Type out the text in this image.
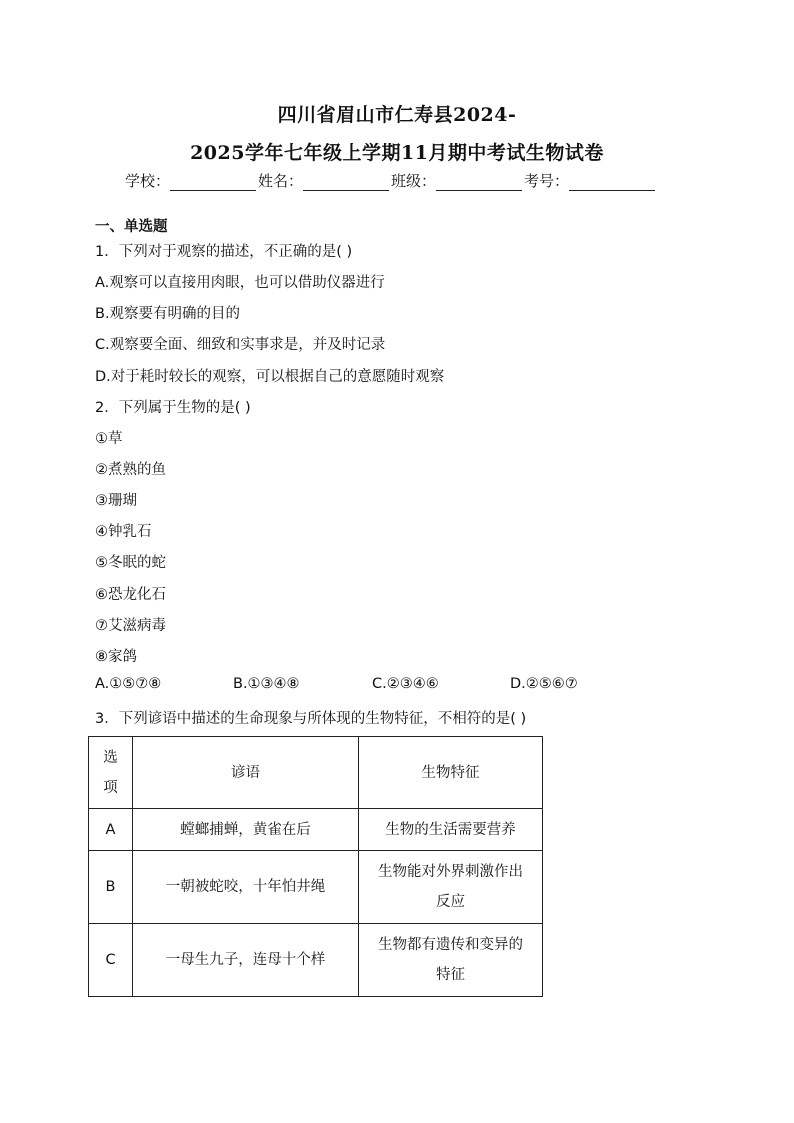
四川省眉山市仁寿县2024-
2025学年七年级上学期11月期中考试生物试卷
学校：	姓名：	班级：	考号：
一、单选题
1．下列对于观察的描述，不正确的是( )
A.观察可以直接用肉眼，也可以借助仪器进行
B.观察要有明确的目的
C.观察要全面、细致和实事求是，并及时记录
D.对于耗时较长的观察，可以根据自己的意愿随时观察
2．下列属于生物的是( )
①草
②煮熟的鱼
③珊瑚
④钟乳石
⑤冬眠的蛇
⑥恐龙化石
⑦艾滋病毒
⑧家鸽
A.①⑤⑦⑧	B.①③④⑧	C.②③④⑥	D.②⑤⑥⑦
3．下列谚语中描述的生命现象与所体现的生物特征，不相符的是( )
选
项	谚语	生物特征
A	螳螂捕蝉，黄雀在后	生物的生活需要营养
B	一朝被蛇咬，十年怕井绳	生物能对外界刺激作出
反应
C	一母生九子，连母十个样	生物都有遗传和变异的
特征
